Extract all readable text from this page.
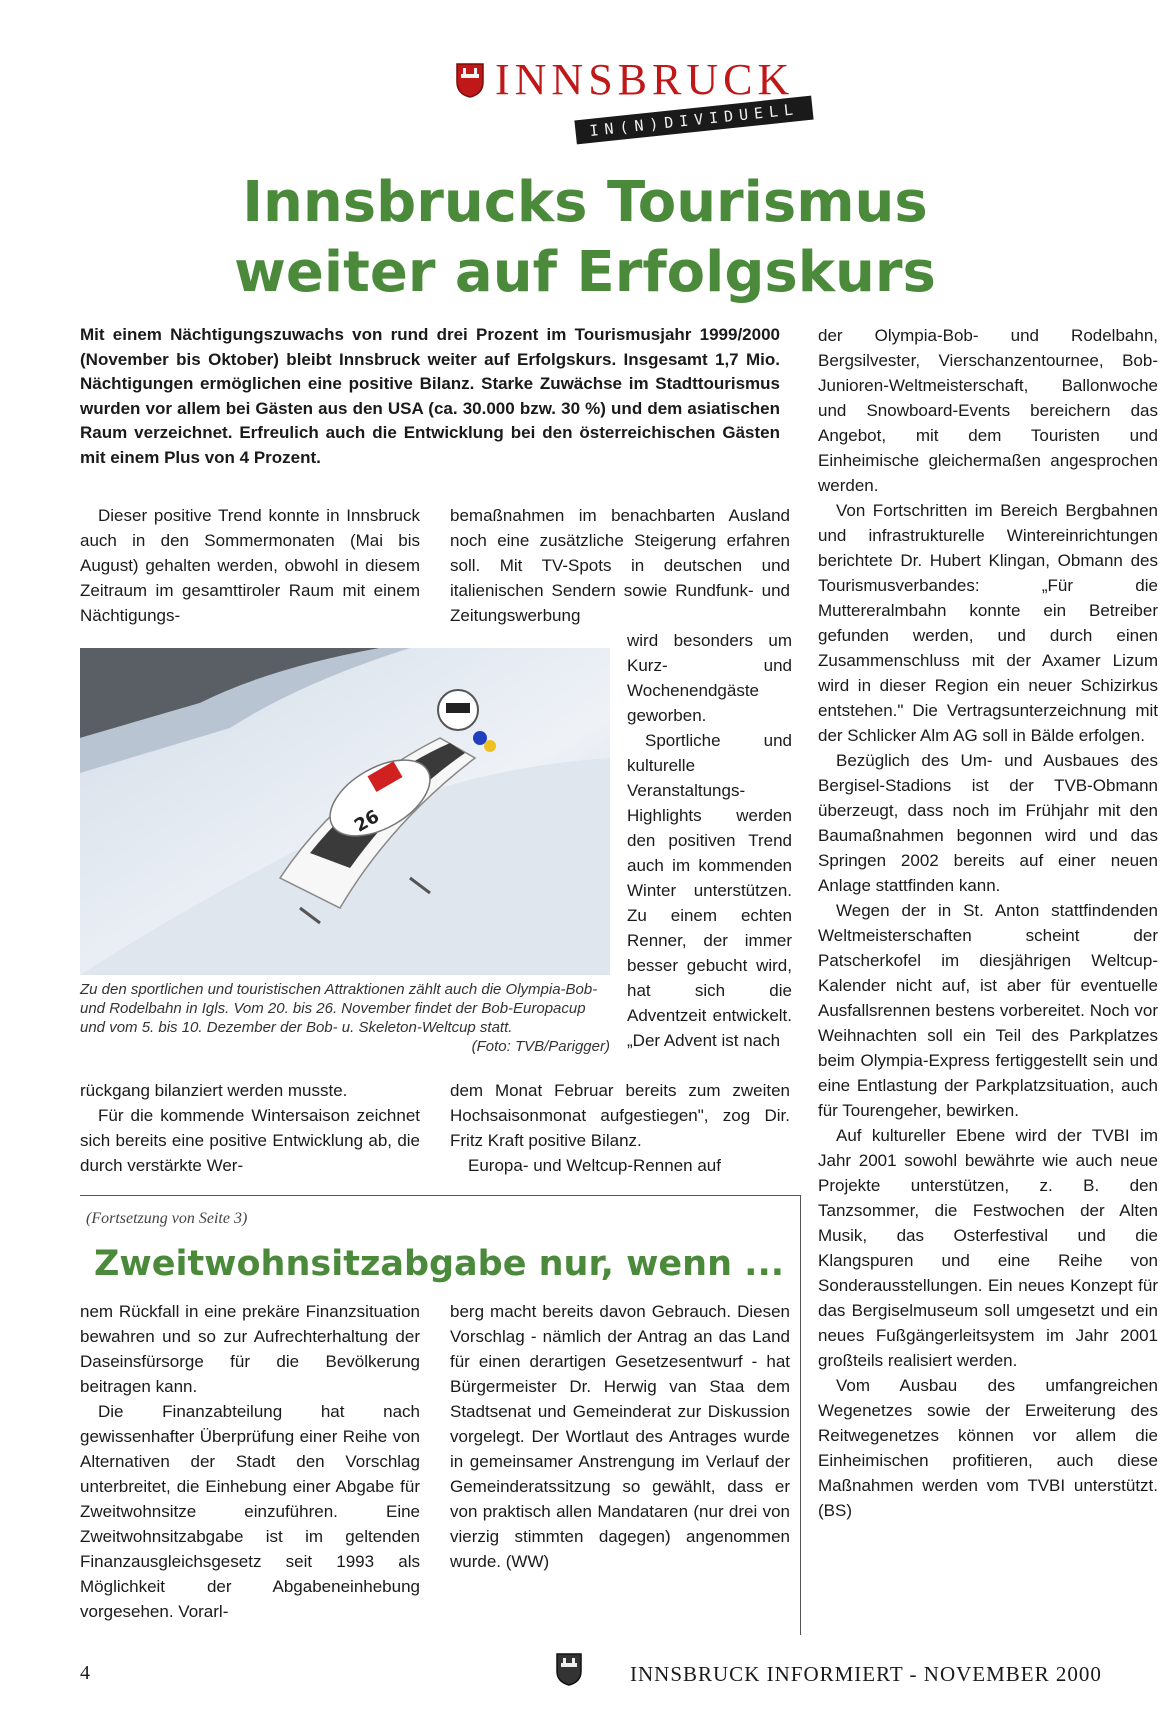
INNSBRUCK
IN(N)DIVIDUELL
Innsbrucks Tourismus
weiter auf Erfolgskurs
Mit einem Nächtigungszuwachs von rund drei Prozent im Tourismusjahr 1999/2000 (November bis Oktober) bleibt Innsbruck weiter auf Erfolgskurs. Insgesamt 1,7 Mio. Nächtigungen ermöglichen eine positive Bilanz. Starke Zuwächse im Stadttourismus wurden vor allem bei Gästen aus den USA (ca. 30.000 bzw. 30 %) und dem asiatischen Raum verzeichnet. Erfreulich auch die Entwicklung bei den österreichischen Gästen mit einem Plus von 4 Prozent.

Dieser positive Trend konnte in Innsbruck auch in den Sommermonaten (Mai bis August) gehalten werden, obwohl in diesem Zeitraum im gesamttiroler Raum mit einem Nächtigungs-

bemaßnahmen im benachbarten Ausland noch eine zusätzliche Steigerung erfahren soll. Mit TV-Spots in deutschen und italienischen Sendern sowie Rundfunk- und Zeitungswerbung

wird besonders um Kurz- und Wochenendgäste geworben.

Sportliche und kulturelle Veranstaltungs-Highlights werden den positiven Trend auch im kommenden Winter unterstützen. Zu einem echten Renner, der immer besser gebucht wird, hat sich die Adventzeit entwickelt. „Der Advent ist nach

26
Zu den sportlichen und touristischen Attraktionen zählt auch die Olympia-Bob- und Rodelbahn in Igls. Vom 20. bis 26. November findet der Bob-Europacup und vom 5. bis 10. Dezember der Bob- u. Skeleton-Weltcup statt.
(Foto: TVB/Parigger)

rückgang bilanziert werden musste.

Für die kommende Wintersaison zeichnet sich bereits eine positive Entwicklung ab, die durch verstärkte Wer-

dem Monat Februar bereits zum zweiten Hochsaisonmonat aufgestiegen", zog Dir. Fritz Kraft positive Bilanz.

Europa- und Weltcup-Rennen auf

der Olympia-Bob- und Rodelbahn, Bergsilvester, Vierschanzentournee, Bob-Junioren-Weltmeisterschaft, Ballonwoche und Snowboard-Events bereichern das Angebot, mit dem Touristen und Einheimische gleichermaßen angesprochen werden.

Von Fortschritten im Bereich Bergbahnen und infrastrukturelle Wintereinrichtungen berichtete Dr. Hubert Klingan, Obmann des Tourismusverbandes: „Für die Muttereralmbahn konnte ein Betreiber gefunden werden, und durch einen Zusammenschluss mit der Axamer Lizum wird in dieser Region ein neuer Schizirkus entstehen." Die Vertragsunterzeichnung mit der Schlicker Alm AG soll in Bälde erfolgen.

Bezüglich des Um- und Ausbaues des Bergisel-Stadions ist der TVB-Obmann überzeugt, dass noch im Frühjahr mit den Baumaßnahmen begonnen wird und das Springen 2002 bereits auf einer neuen Anlage stattfinden kann.

Wegen der in St. Anton stattfindenden Weltmeisterschaften scheint der Patscherkofel im diesjährigen Weltcup-Kalender nicht auf, ist aber für eventuelle Ausfallsrennen bestens vorbereitet. Noch vor Weihnachten soll ein Teil des Parkplatzes beim Olympia-Express fertiggestellt sein und eine Entlastung der Parkplatzsituation, auch für Tourengeher, bewirken.

Auf kultureller Ebene wird der TVBI im Jahr 2001 sowohl bewährte wie auch neue Projekte unterstützen, z. B. den Tanzsommer, die Festwochen der Alten Musik, das Osterfestival und die Klangspuren und eine Reihe von Sonderausstellungen. Ein neues Konzept für das Bergiselmuseum soll umgesetzt und ein neues Fußgängerleitsystem im Jahr 2001 großteils realisiert werden.

Vom Ausbau des umfangreichen Wegenetzes sowie der Erweiterung des Reitwegenetzes können vor allem die Einheimischen profitieren, auch diese Maßnahmen werden vom TVBI unterstützt. (BS)

(Fortsetzung von Seite 3)
Zweitwohnsitzabgabe nur, wenn ...

nem Rückfall in eine prekäre Finanzsituation bewahren und so zur Aufrechterhaltung der Daseinsfürsorge für die Bevölkerung beitragen kann.

Die Finanzabteilung hat nach gewissenhafter Überprüfung einer Reihe von Alternativen der Stadt den Vorschlag unterbreitet, die Einhebung einer Abgabe für Zweitwohnsitze einzuführen. Eine Zweitwohnsitzabgabe ist im geltenden Finanzausgleichsgesetz seit 1993 als Möglichkeit der Abgabeneinhebung vorgesehen. Vorarl-

berg macht bereits davon Gebrauch. Diesen Vorschlag - nämlich der Antrag an das Land für einen derartigen Gesetzesentwurf - hat Bürgermeister Dr. Herwig van Staa dem Stadtsenat und Gemeinderat zur Diskussion vorgelegt. Der Wortlaut des Antrages wurde in gemeinsamer Anstrengung im Verlauf der Gemeinderatssitzung so gewählt, dass er von praktisch allen Mandataren (nur drei von vierzig stimmten dagegen) angenommen wurde. (WW)

4	INNSBRUCK INFORMIERT - NOVEMBER 2000
